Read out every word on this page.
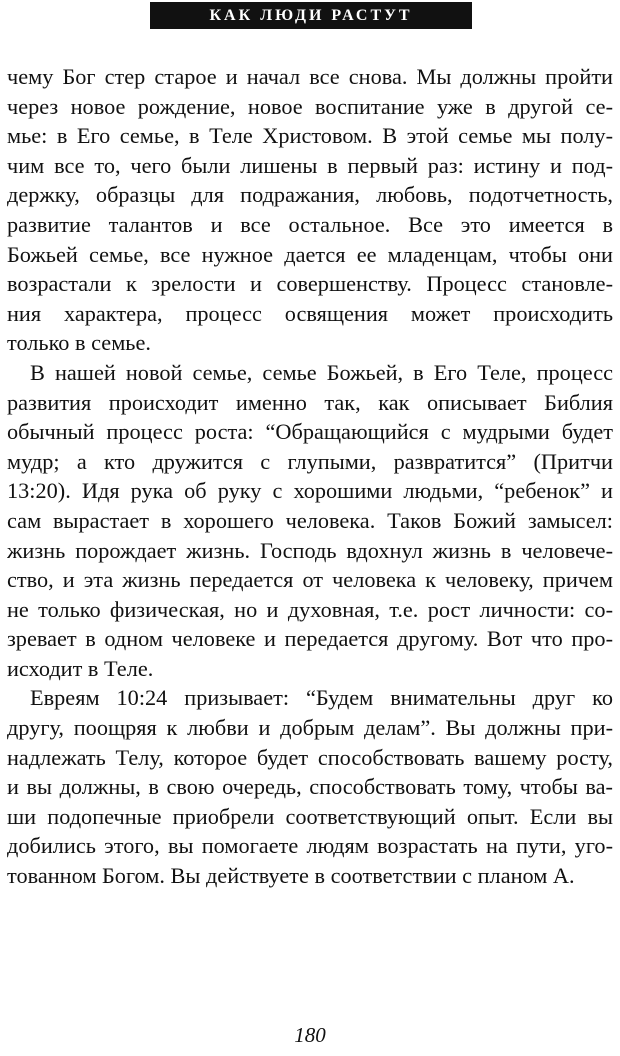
КАК ЛЮДИ РАСТУТ
чему Бог стер старое и начал все снова. Мы должны пройти
через новое рождение, новое воспитание уже в другой се-
мье: в Его семье, в Теле Христовом. В этой семье мы полу-
чим все то, чего были лишены в первый раз: истину и под-
держку, образцы для подражания, любовь, подотчетность,
развитие талантов и все остальное. Все это имеется в
Божьей семье, все нужное дается ее младенцам, чтобы они
возрастали к зрелости и совершенству. Процесс становле-
ния характера, процесс освящения может происходить
только в семье.
В нашей новой семье, семье Божьей, в Его Теле, процесс
развития происходит именно так, как описывает Библия
обычный процесс роста: “Обращающийся с мудрыми будет
мудр; а кто дружится с глупыми, развратится” (Притчи
13:20). Идя рука об руку с хорошими людьми, “ребенок” и
сам вырастает в хорошего человека. Таков Божий замысел:
жизнь порождает жизнь. Господь вдохнул жизнь в человече-
ство, и эта жизнь передается от человека к человеку, причем
не только физическая, но и духовная, т.е. рост личности: со-
зревает в одном человеке и передается другому. Вот что про-
исходит в Теле.
Евреям 10:24 призывает: “Будем внимательны друг ко
другу, поощряя к любви и добрым делам”. Вы должны при-
надлежать Телу, которое будет способствовать вашему росту,
и вы должны, в свою очередь, способствовать тому, чтобы ва-
ши подопечные приобрели соответствующий опыт. Если вы
добились этого, вы помогаете людям возрастать на пути, уго-
тованном Богом. Вы действуете в соответствии с планом А.
180
